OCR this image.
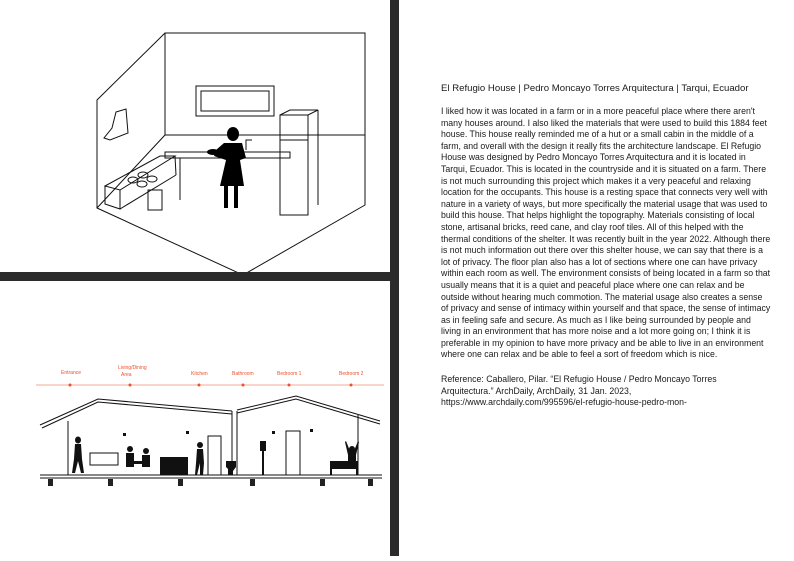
Entrance
Living/Dining
Area	Kitchen	Bathroom	Bedroom 1	Bedroom 2

El Refugio House | Pedro Moncayo Torres Arquitectura | Tarqui, Ecuador

I liked how it was located in a farm or in a more peaceful place where there aren't many houses around. I also liked the materials that were used to build this 1884 feet house. This house really reminded me of a hut or a small cabin in the middle of a farm, and overall with the design it really fits the architecture landscape. El Refugio House was designed by Pedro Moncayo Torres Arquitectura and it is located in Tarqui, Ecuador. This is located in the countryside and it is situated on a farm. There is not much surrounding this project which makes it a very peaceful and relaxing location for the occupants. This house is a resting space that connects very well with nature in a variety of ways, but more specifically the material usage that was used to build this house. That helps highlight the topography. Materials consisting of local stone, artisanal bricks, reed cane, and clay roof tiles. All of this helped with the thermal conditions of the shelter. It was recently built in the year 2022. Although there is not much information out there over this shelter house, we can say that there is a lot of privacy. The floor plan also has a lot of sections where one can have privacy within each room as well. The environment consists of being located in a farm so that usually means that it is a quiet and peaceful place where one can relax and be outside without hearing much commotion. The material usage also creates a sense of privacy and sense of intimacy within yourself and that space, the sense of intimacy as in feeling safe and secure. As much as I like being surrounded by people and living in an environment that has more noise and a lot more going on; I think it is preferable in my opinion to have more privacy and be able to live in an environment where one can relax and be able to feel a sort of freedom which is nice.

Reference: Caballero, Pilar. “El Refugio House / Pedro Moncayo Torres Arquitectura.” ArchDaily, ArchDaily, 31 Jan. 2023, https://www.archdaily.com/995596/el-refugio-house-pedro-mon-
